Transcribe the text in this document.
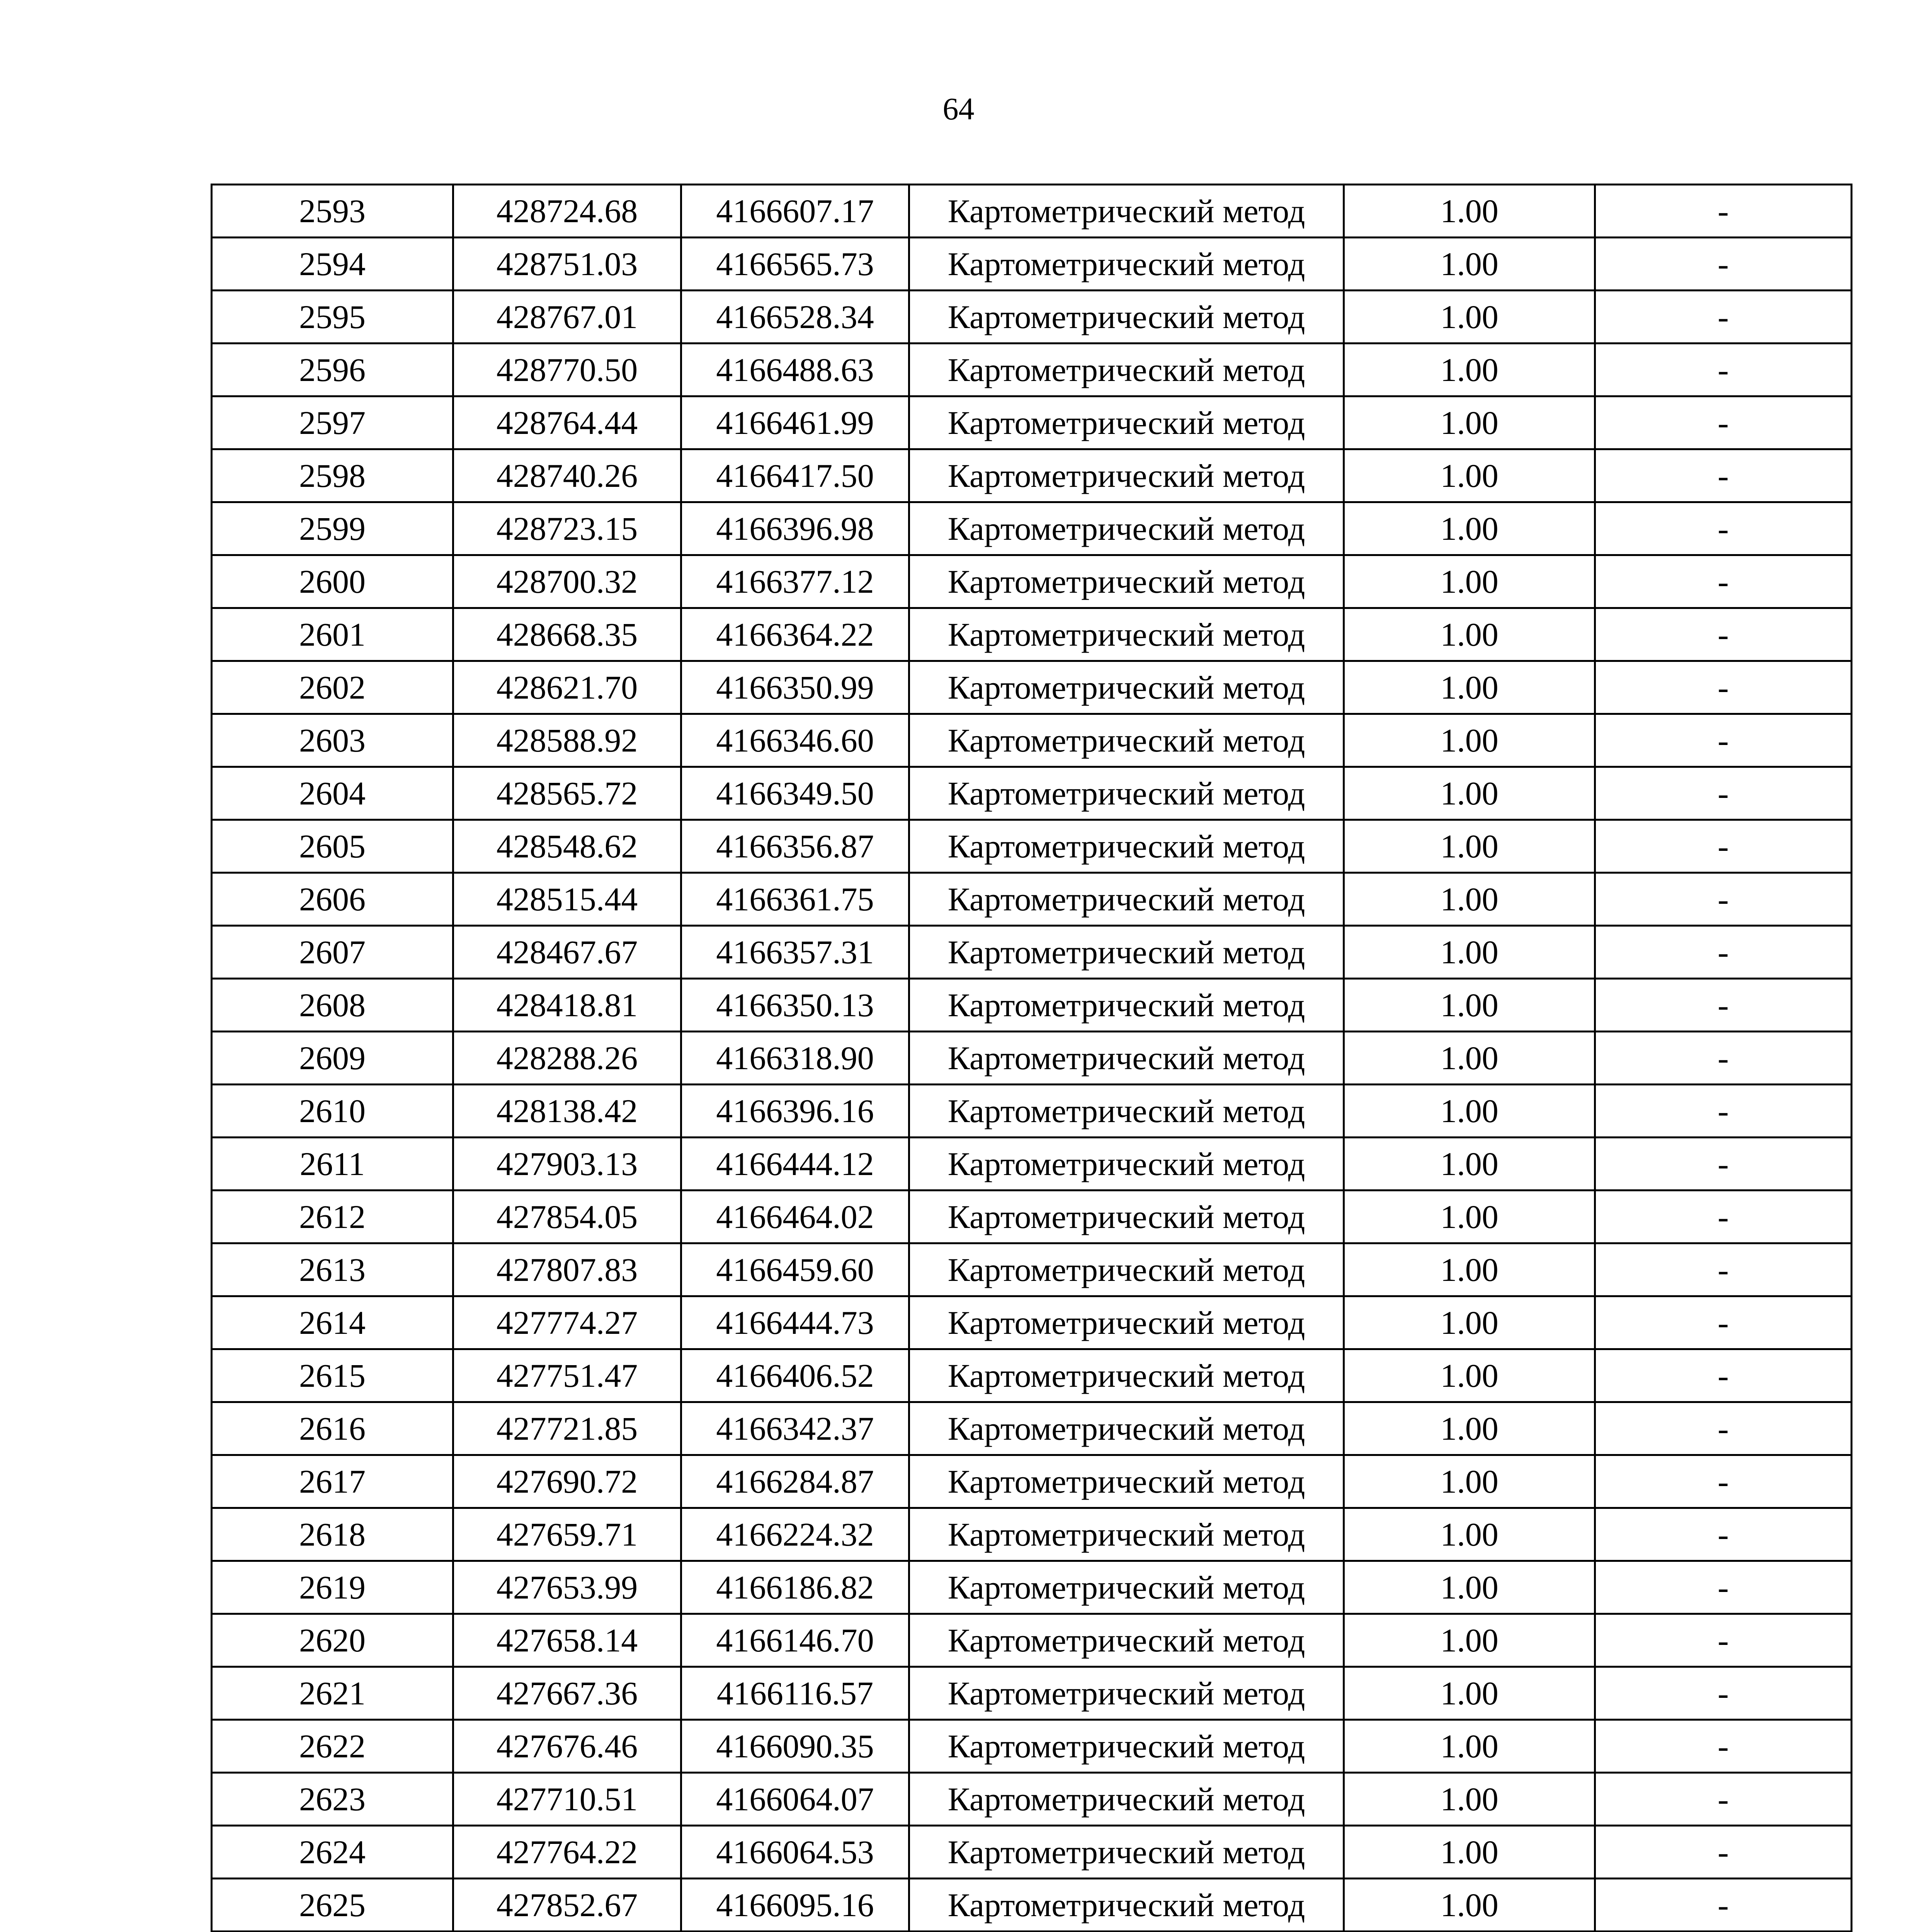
64
2593	428724.68	4166607.17	Картометрический метод	1.00	-
2594	428751.03	4166565.73	Картометрический метод	1.00	-
2595	428767.01	4166528.34	Картометрический метод	1.00	-
2596	428770.50	4166488.63	Картометрический метод	1.00	-
2597	428764.44	4166461.99	Картометрический метод	1.00	-
2598	428740.26	4166417.50	Картометрический метод	1.00	-
2599	428723.15	4166396.98	Картометрический метод	1.00	-
2600	428700.32	4166377.12	Картометрический метод	1.00	-
2601	428668.35	4166364.22	Картометрический метод	1.00	-
2602	428621.70	4166350.99	Картометрический метод	1.00	-
2603	428588.92	4166346.60	Картометрический метод	1.00	-
2604	428565.72	4166349.50	Картометрический метод	1.00	-
2605	428548.62	4166356.87	Картометрический метод	1.00	-
2606	428515.44	4166361.75	Картометрический метод	1.00	-
2607	428467.67	4166357.31	Картометрический метод	1.00	-
2608	428418.81	4166350.13	Картометрический метод	1.00	-
2609	428288.26	4166318.90	Картометрический метод	1.00	-
2610	428138.42	4166396.16	Картометрический метод	1.00	-
2611	427903.13	4166444.12	Картометрический метод	1.00	-
2612	427854.05	4166464.02	Картометрический метод	1.00	-
2613	427807.83	4166459.60	Картометрический метод	1.00	-
2614	427774.27	4166444.73	Картометрический метод	1.00	-
2615	427751.47	4166406.52	Картометрический метод	1.00	-
2616	427721.85	4166342.37	Картометрический метод	1.00	-
2617	427690.72	4166284.87	Картометрический метод	1.00	-
2618	427659.71	4166224.32	Картометрический метод	1.00	-
2619	427653.99	4166186.82	Картометрический метод	1.00	-
2620	427658.14	4166146.70	Картометрический метод	1.00	-
2621	427667.36	4166116.57	Картометрический метод	1.00	-
2622	427676.46	4166090.35	Картометрический метод	1.00	-
2623	427710.51	4166064.07	Картометрический метод	1.00	-
2624	427764.22	4166064.53	Картометрический метод	1.00	-
2625	427852.67	4166095.16	Картометрический метод	1.00	-
